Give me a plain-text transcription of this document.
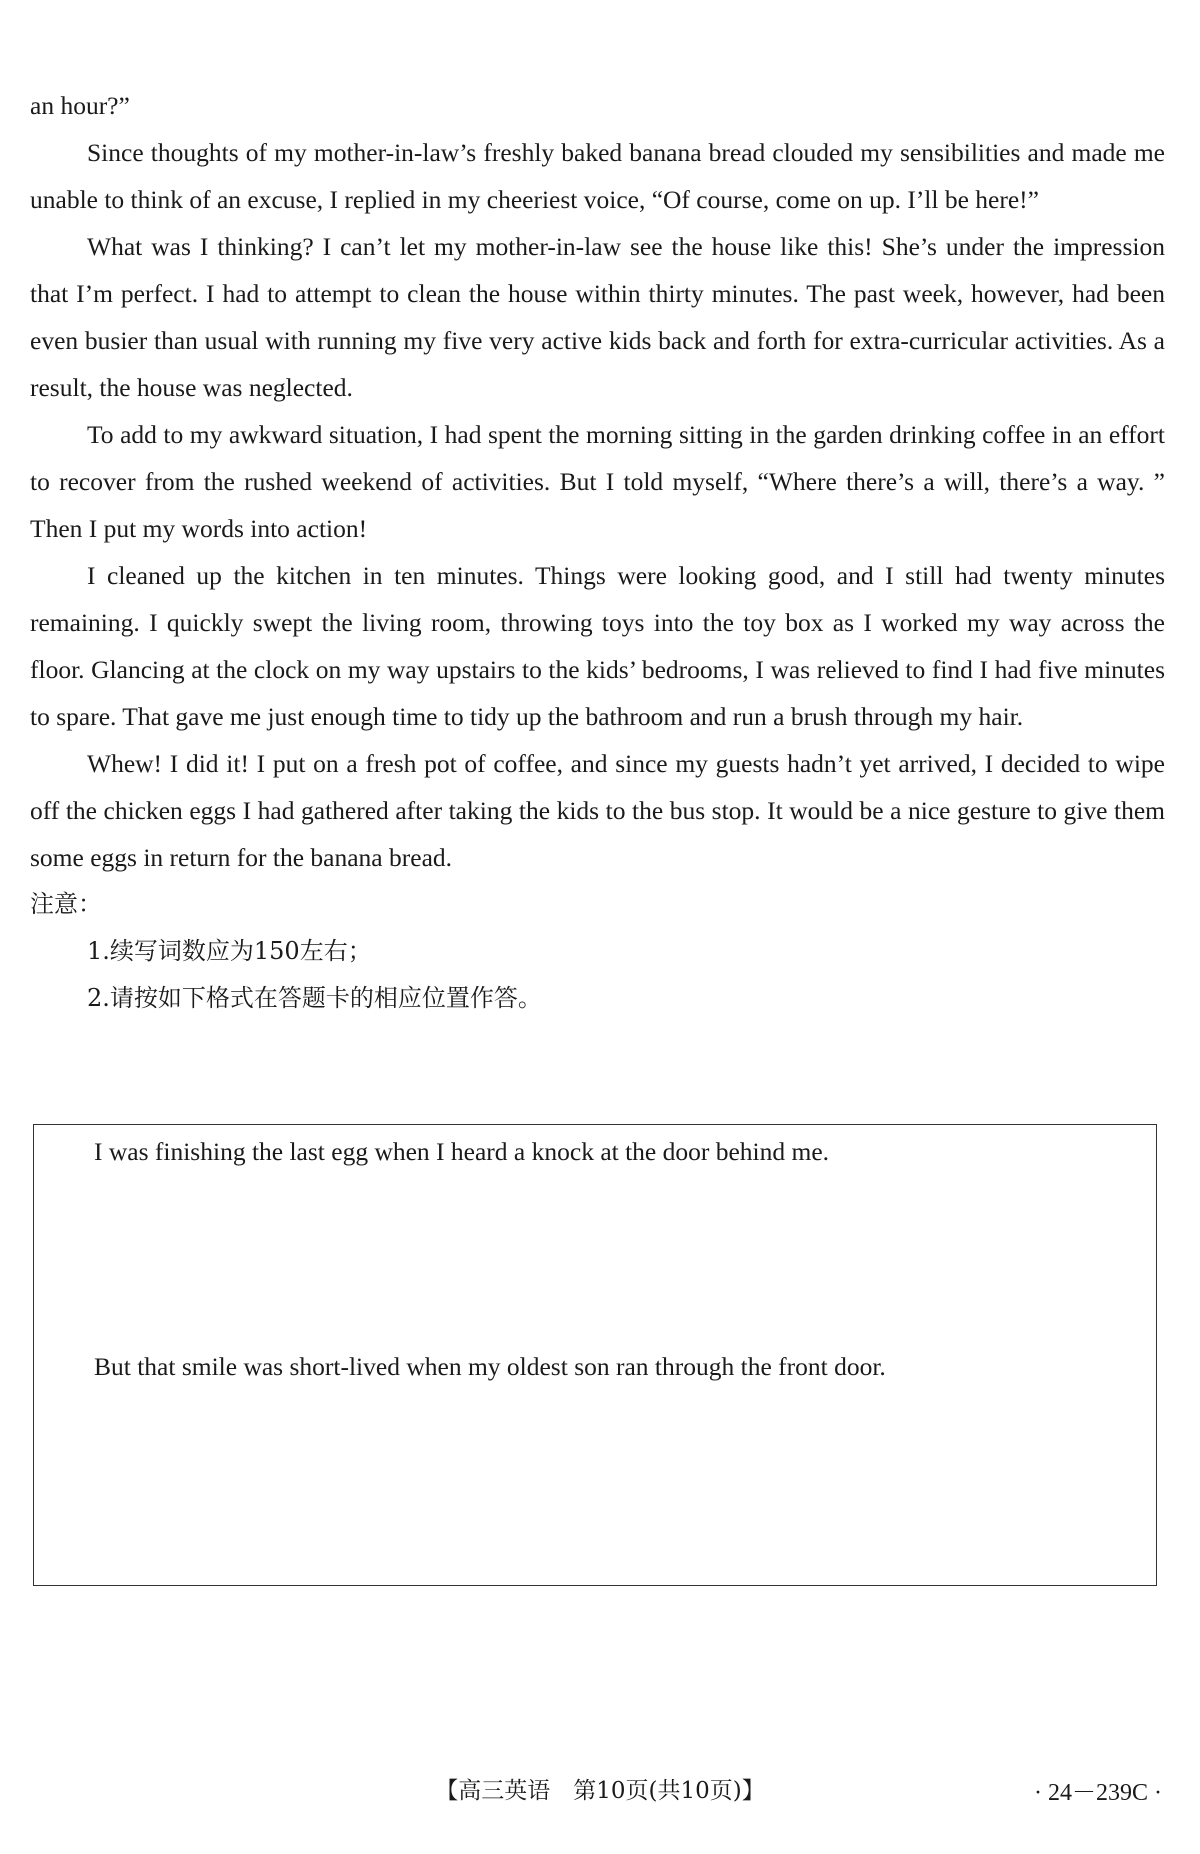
an hour?”

Since thoughts of my mother-in-law’s freshly baked banana bread clouded my sensibilities and made me unable to think of an excuse, I replied in my cheeriest voice, “Of course, come on up. I’ll be here!”

What was I thinking? I can’t let my mother-in-law see the house like this! She’s under the impression that I’m perfect. I had to attempt to clean the house within thirty minutes. The past week, however, had been even busier than usual with running my five very active kids back and forth for extra-curricular activities. As a result, the house was neglected.

To add to my awkward situation, I had spent the morning sitting in the garden drinking coffee in an effort to recover from the rushed weekend of activities. But I told myself, “Where there’s a will, there’s a way. ” Then I put my words into action!

I cleaned up the kitchen in ten minutes. Things were looking good, and I still had twenty minutes remaining. I quickly swept the living room, throwing toys into the toy box as I worked my way across the floor. Glancing at the clock on my way upstairs to the kids’ bedrooms, I was relieved to find I had five minutes to spare. That gave me just enough time to tidy up the bathroom and run a brush through my hair.

Whew! I did it! I put on a fresh pot of coffee, and since my guests hadn’t yet arrived, I decided to wipe off the chicken eggs I had gathered after taking the kids to the bus stop. It would be a nice gesture to give them some eggs in return for the banana bread.

注意：

1.续写词数应为150左右；

2.请按如下格式在答题卡的相应位置作答。

I was finishing the last egg when I heard a knock at the door behind me.
But that smile was short-lived when my oldest son ran through the front door.
【高三英语　第10页(共10页)】	· 24－239C ·
